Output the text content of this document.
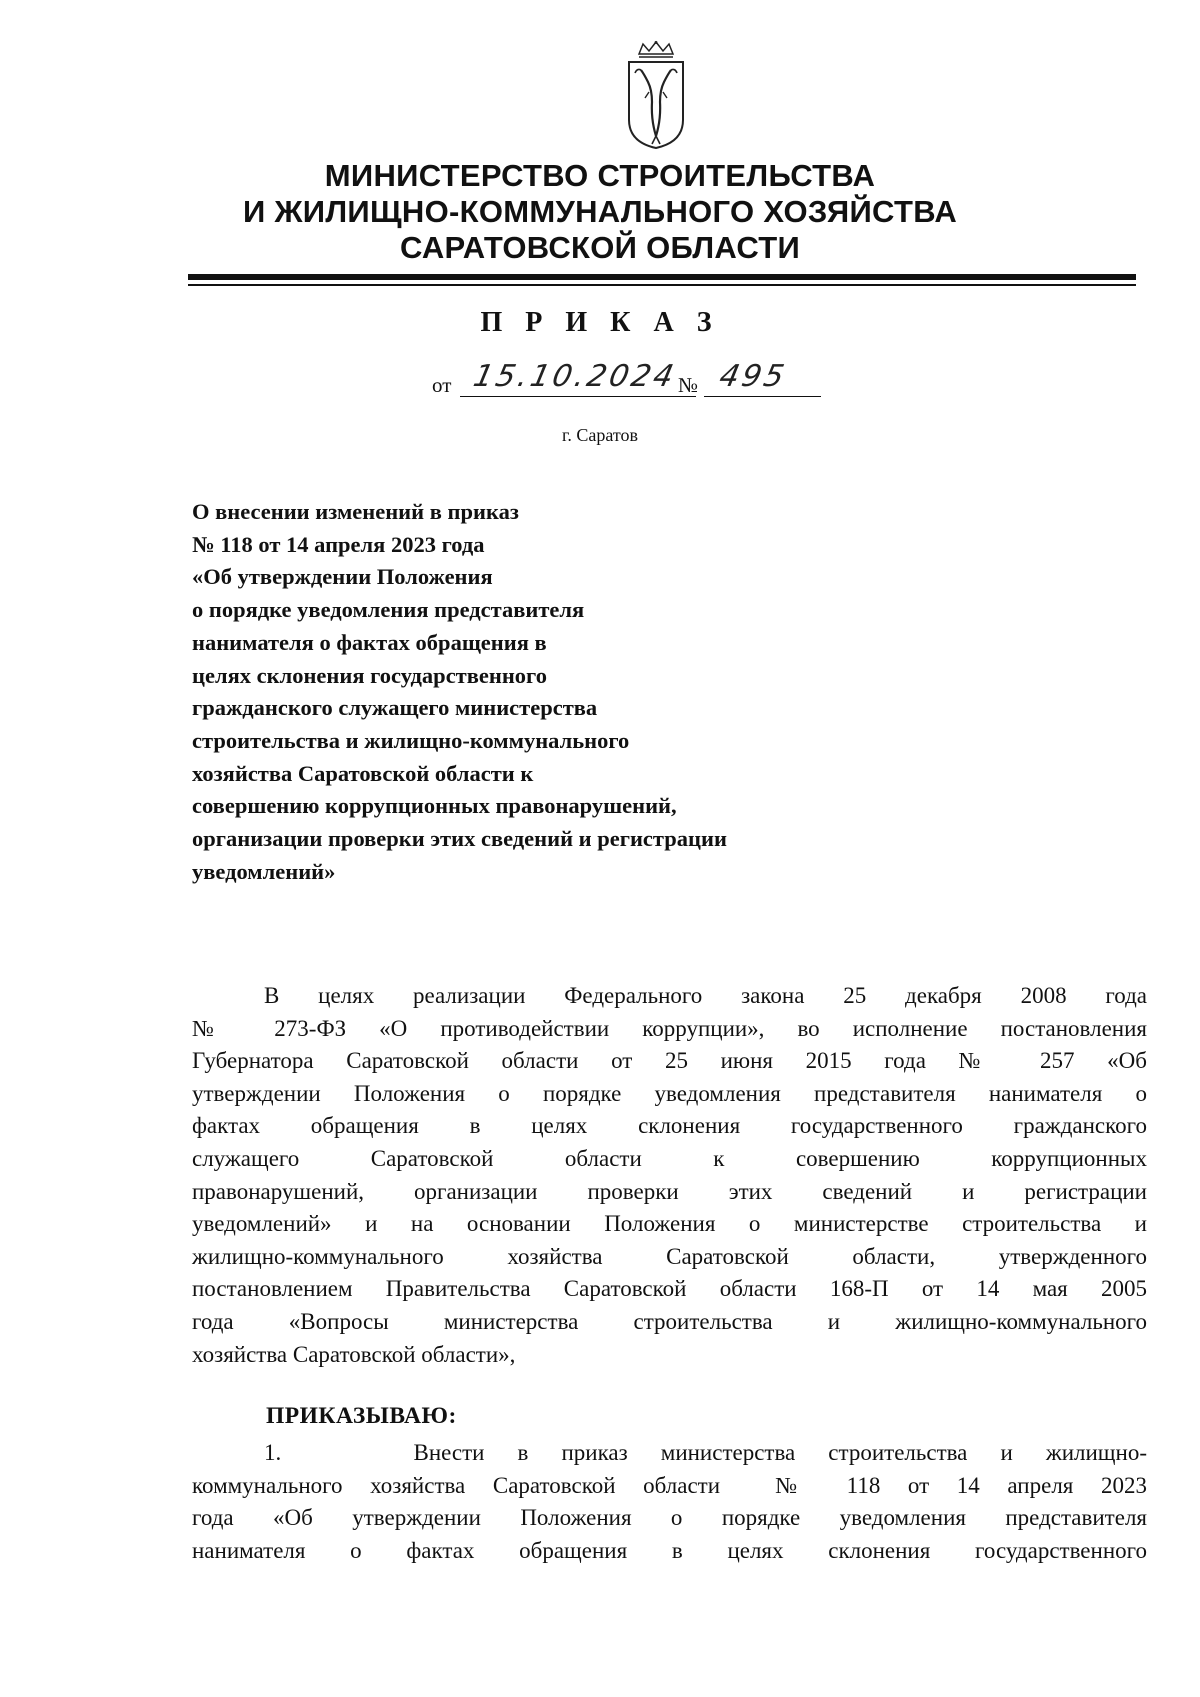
МИНИСТЕРСТВО СТРОИТЕЛЬСТВА
И ЖИЛИЩНО-КОММУНАЛЬНОГО ХОЗЯЙСТВА
САРАТОВСКОЙ ОБЛАСТИ
П Р И К А З
от 15.10.2024
№ 495
г. Саратов
О внесении изменений в приказ
№ 118 от 14 апреля 2023 года
«Об утверждении Положения
о порядке уведомления представителя
нанимателя о фактах обращения в
целях склонения государственного
гражданского служащего министерства
строительства и жилищно-коммунального
хозяйства Саратовской области к
совершению коррупционных правонарушений,
организации проверки этих сведений и регистрации
уведомлений»
В целях реализации Федерального закона 25 декабря 2008 года
№ 273-ФЗ «О противодействии коррупции», во исполнение постановления
Губернатора Саратовской области от 25 июня 2015 года № 257 «Об
утверждении Положения о порядке уведомления представителя нанимателя о
фактах обращения в целях склонения государственного гражданского
служащего Саратовской области к совершению коррупционных
правонарушений, организации проверки этих сведений и регистрации
уведомлений» и на основании Положения о министерстве строительства и
жилищно-коммунального хозяйства Саратовской области, утвержденного
постановлением Правительства Саратовской области 168-П от 14 мая 2005
года «Вопросы министерства строительства и жилищно-коммунального
хозяйства Саратовской области»,
ПРИКАЗЫВАЮ:
1.    Внести в приказ министерства строительства и жилищно-
коммунального хозяйства Саратовской области  № 118 от 14 апреля 2023
года «Об утверждении Положения о порядке уведомления представителя
нанимателя о фактах обращения в целях склонения государственного
